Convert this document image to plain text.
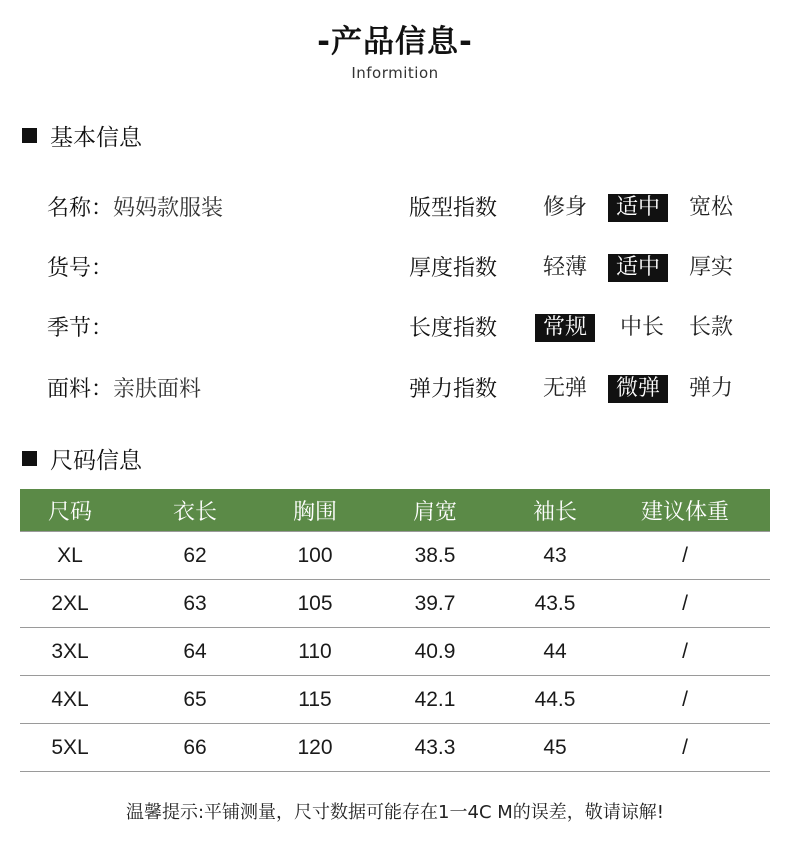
-产品信息-
Informition
基本信息
名称：妈妈款服装
货号：
季节：
面料：亲肤面料
版型指数	修身	适中	宽松
厚度指数	轻薄	适中	厚实
长度指数	常规	中长	长款
弹力指数	无弹	微弹	弹力
尺码信息
尺码	衣长	胸围	肩宽	袖长	建议体重
XL	62	100	38.5	43	/
2XL	63	105	39.7	43.5	/
3XL	64	110	40.9	44	/
4XL	65	115	42.1	44.5	/
5XL	66	120	43.3	45	/
温馨提示:平铺测量，尺寸数据可能存在1一4C M的误差，敬请谅解!
